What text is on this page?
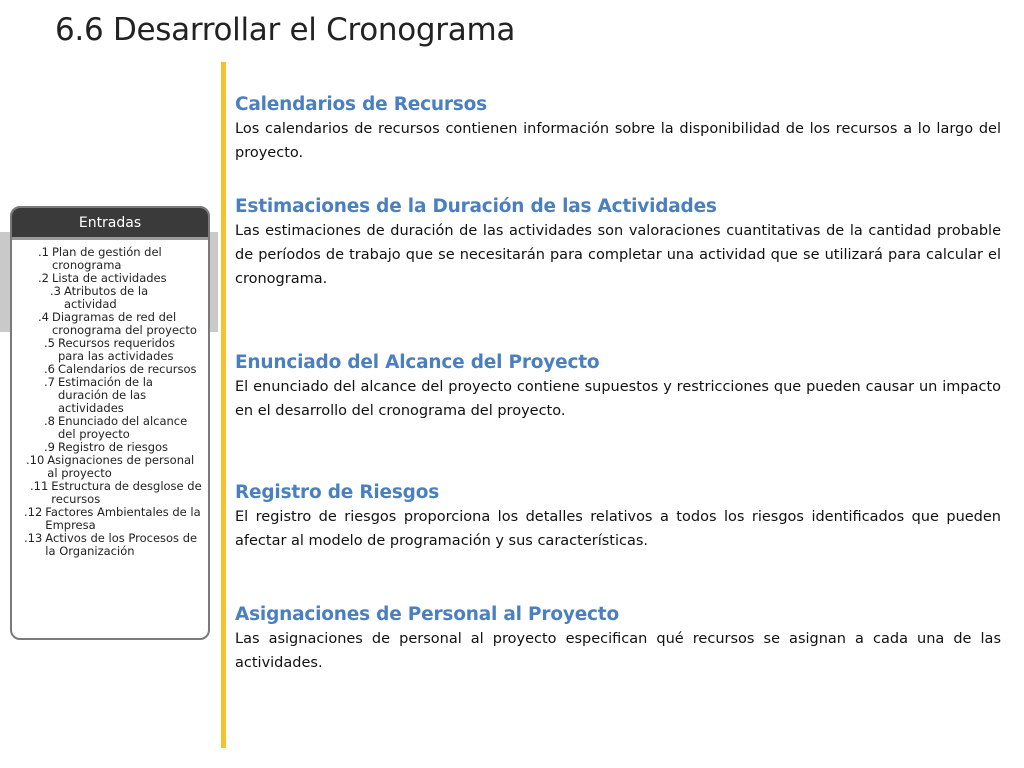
6.6 Desarrollar el Cronograma
Entradas
.1 Plan de gestión del cronograma
.2 Lista de actividades
.3 Atributos de la actividad
.4 Diagramas de red del cronograma del proyecto
.5 Recursos requeridos para las actividades
.6 Calendarios de recursos
.7 Estimación de la duración de las actividades
.8 Enunciado del alcance del proyecto
.9 Registro de riesgos
.10 Asignaciones de personal al proyecto
.11 Estructura de desglose de recursos
.12 Factores Ambientales de la Empresa
.13 Activos de los Procesos de la Organización
Calendarios de Recursos

Los calendarios de recursos contienen información sobre la disponibilidad de los recursos a lo largo del proyecto.

Estimaciones de la Duración de las Actividades

Las estimaciones de duración de las actividades son valoraciones cuantitativas de la cantidad probable de períodos de trabajo que se necesitarán para completar una actividad que se utilizará para calcular el cronograma.

Enunciado del Alcance del Proyecto

El enunciado del alcance del proyecto contiene supuestos y restricciones que pueden causar un impacto en el desarrollo del cronograma del proyecto.

Registro de Riesgos

El registro de riesgos proporciona los detalles relativos a todos los riesgos identificados que pueden afectar al modelo de programación y sus características.

Asignaciones de Personal al Proyecto

Las asignaciones de personal al proyecto especifican qué recursos se asignan a cada una de las actividades.
